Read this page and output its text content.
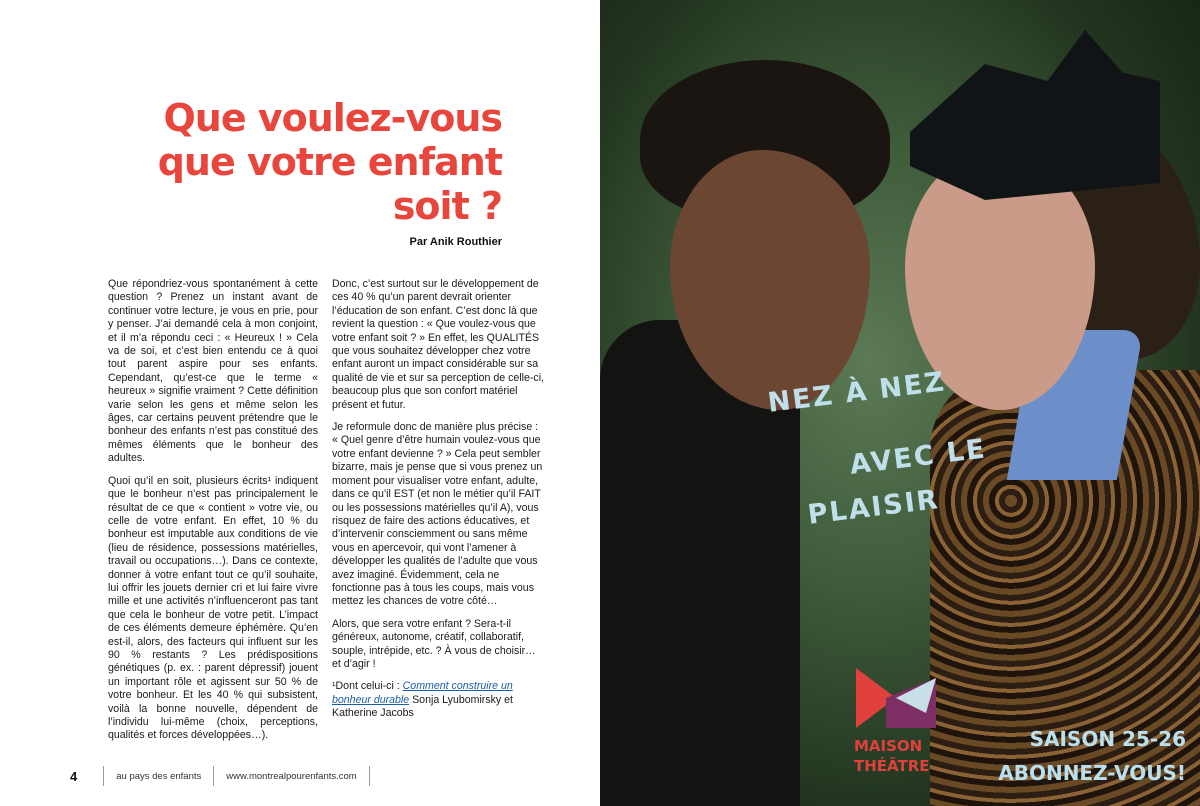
Que voulez-vous
que votre enfant
soit ?

Par Anik Routhier

Que répondriez-vous spontanément à cette question ? Prenez un instant avant de continuer votre lecture, je vous en prie, pour y penser. J’ai demandé cela à mon conjoint, et il m’a répondu ceci : « Heureux ! » Cela va de soi, et c’est bien entendu ce à quoi tout parent aspire pour ses enfants. Cependant, qu’est-ce que le terme « heureux » signifie vraiment ? Cette définition varie selon les gens et même selon les âges, car certains peuvent prétendre que le bonheur des enfants n’est pas constitué des mêmes éléments que le bonheur des adultes.

Quoi qu’il en soit, plusieurs écrits¹ indiquent que le bonheur n’est pas principalement le résultat de ce que « contient » votre vie, ou celle de votre enfant. En effet, 10 % du bonheur est imputable aux conditions de vie (lieu de résidence, possessions matérielles, travail ou occupations…). Dans ce contexte, donner à votre enfant tout ce qu’il souhaite, lui offrir les jouets dernier cri et lui faire vivre mille et une activités n’influenceront pas tant que cela le bonheur de votre petit. L’impact de ces éléments demeure éphémère. Qu’en est-il, alors, des facteurs qui influent sur les 90 % restants ? Les prédispositions génétiques (p. ex. : parent dépressif) jouent un important rôle et agissent sur 50 % de votre bonheur. Et les 40 % qui subsistent, voilà la bonne nouvelle, dépendent de l’individu lui-même (choix, perceptions, qualités et forces développées…).

Donc, c’est surtout sur le développement de ces 40 % qu’un parent devrait orienter l’éducation de son enfant. C’est donc là que revient la question : « Que voulez-vous que votre enfant soit ? » En effet, les QUALITÉS que vous souhaitez développer chez votre enfant auront un impact considérable sur sa qualité de vie et sur sa perception de celle-ci, beaucoup plus que son confort matériel présent et futur.

Je reformule donc de manière plus précise : « Quel genre d’être humain voulez-vous que votre enfant devienne ? » Cela peut sembler bizarre, mais je pense que si vous prenez un moment pour visualiser votre enfant, adulte, dans ce qu’il EST (et non le métier qu’il FAIT ou les possessions matérielles qu’il A), vous risquez de faire des actions éducatives, et d’intervenir consciemment ou sans même vous en apercevoir, qui vont l’amener à développer les qualités de l’adulte que vous avez imaginé. Évidemment, cela ne fonctionne pas à tous les coups, mais vous mettez les chances de votre côté…

Alors, que sera votre enfant ? Sera-t-il généreux, autonome, créatif, collaboratif, souple, intrépide, etc. ? À vous de choisir… et d’agir !

¹Dont celui-ci : Comment construire un bonheur durable Sonja Lyubomirsky et Katherine Jacobs

4	au pays des enfants	www.montrealpourenfants.com

NEZ À NEZ

AVEC LE

PLAISIR

MAISON
THÉÂTRE

SAISON 25-26
ABONNEZ-VOUS!
